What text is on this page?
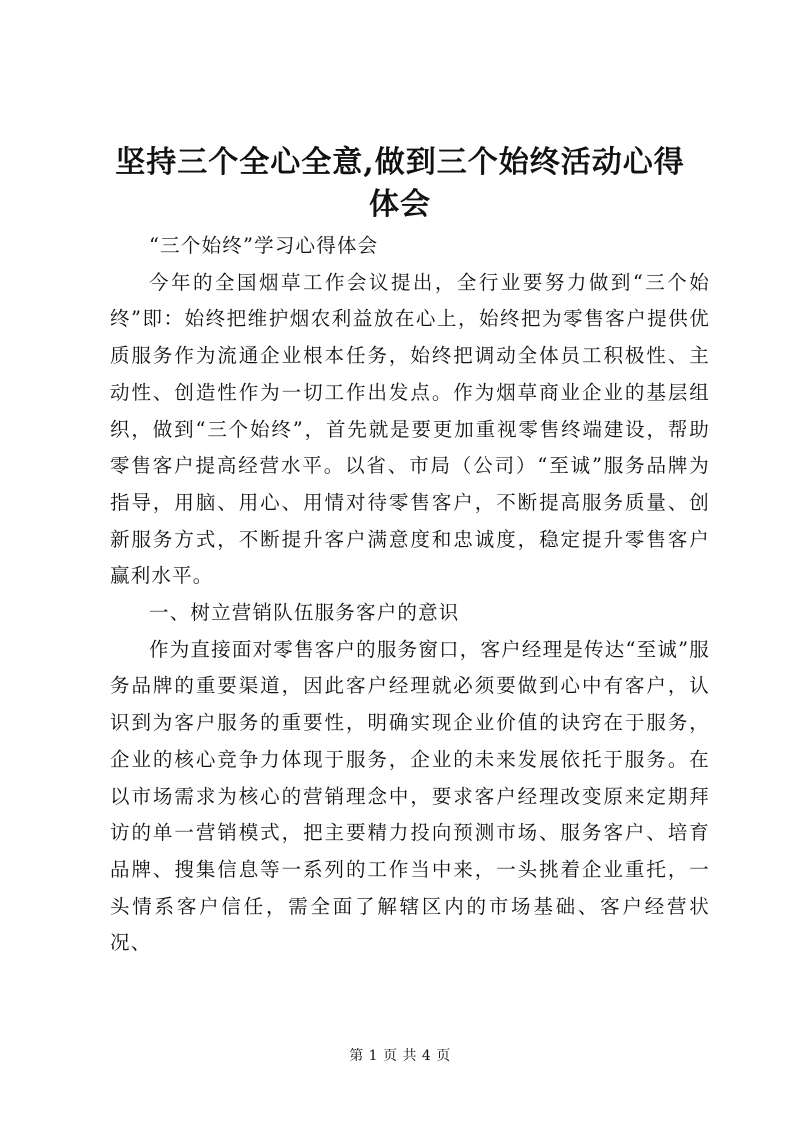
坚持三个全心全意,做到三个始终活动心得体会

“三个始终”学习心得体会

今年的全国烟草工作会议提出，全行业要努力做到“三个始终”即：始终把维护烟农利益放在心上，始终把为零售客户提供优质服务作为流通企业根本任务，始终把调动全体员工积极性、主动性、创造性作为一切工作出发点。作为烟草商业企业的基层组织，做到“三个始终”，首先就是要更加重视零售终端建设，帮助零售客户提高经营水平。以省、市局（公司）“至诚”服务品牌为指导，用脑、用心、用情对待零售客户，不断提高服务质量、创新服务方式，不断提升客户满意度和忠诚度，稳定提升零售客户赢利水平。

一、树立营销队伍服务客户的意识

作为直接面对零售客户的服务窗口，客户经理是传达“至诚”服务品牌的重要渠道，因此客户经理就必须要做到心中有客户，认识到为客户服务的重要性，明确实现企业价值的诀窍在于服务，企业的核心竞争力体现于服务，企业的未来发展依托于服务。在以市场需求为核心的营销理念中，要求客户经理改变原来定期拜访的单一营销模式，把主要精力投向预测市场、服务客户、培育品牌、搜集信息等一系列的工作当中来，一头挑着企业重托，一头情系客户信任，需全面了解辖区内的市场基础、客户经营状况、

第 1 页 共 4 页
